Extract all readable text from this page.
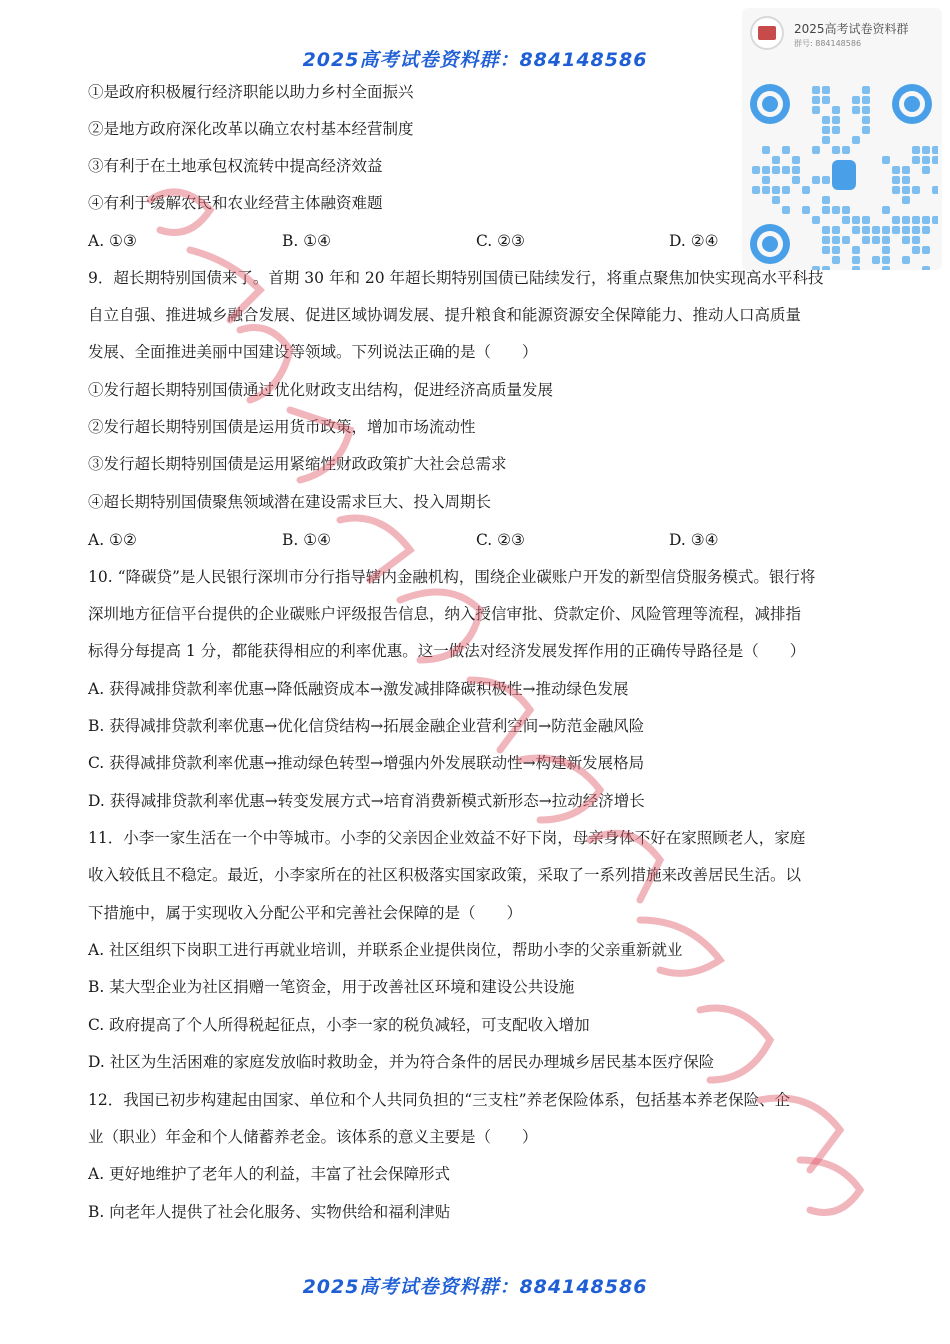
2025高考试卷资料群：884148586
2025高考试卷资料群
群号: 884148586
①是政府积极履行经济职能以助力乡村全面振兴
②是地方政府深化改革以确立农村基本经营制度
③有利于在土地承包权流转中提高经济效益
④有利于缓解农民和农业经营主体融资难题
A. ①③	B. ①④	C. ②③	D. ②④
9．超长期特别国债来了。首期 30 年和 20 年超长期特别国债已陆续发行，将重点聚焦加快实现高水平科技
自立自强、推进城乡融合发展、促进区域协调发展、提升粮食和能源资源安全保障能力、推动人口高质量
发展、全面推进美丽中国建设等领域。下列说法正确的是（　　）
①发行超长期特别国债通过优化财政支出结构，促进经济高质量发展
②发行超长期特别国债是运用货币政策，增加市场流动性
③发行超长期特别国债是运用紧缩性财政政策扩大社会总需求
④超长期特别国债聚焦领域潜在建设需求巨大、投入周期长
A. ①②	B. ①④	C. ②③	D. ③④
10. “降碳贷”是人民银行深圳市分行指导辖内金融机构，围绕企业碳账户开发的新型信贷服务模式。银行将
深圳地方征信平台提供的企业碳账户评级报告信息，纳入授信审批、贷款定价、风险管理等流程，减排指
标得分每提高 1 分，都能获得相应的利率优惠。这一做法对经济发展发挥作用的正确传导路径是（　　）
A. 获得减排贷款利率优惠→降低融资成本→激发减排降碳积极性→推动绿色发展
B. 获得减排贷款利率优惠→优化信贷结构→拓展金融企业营利空间→防范金融风险
C. 获得减排贷款利率优惠→推动绿色转型→增强内外发展联动性→构建新发展格局
D. 获得减排贷款利率优惠→转变发展方式→培育消费新模式新形态→拉动经济增长
11．小李一家生活在一个中等城市。小李的父亲因企业效益不好下岗，母亲身体不好在家照顾老人，家庭
收入较低且不稳定。最近，小李家所在的社区积极落实国家政策，采取了一系列措施来改善居民生活。以
下措施中，属于实现收入分配公平和完善社会保障的是（　　）
A. 社区组织下岗职工进行再就业培训，并联系企业提供岗位，帮助小李的父亲重新就业
B. 某大型企业为社区捐赠一笔资金，用于改善社区环境和建设公共设施
C. 政府提高了个人所得税起征点，小李一家的税负减轻，可支配收入增加
D. 社区为生活困难的家庭发放临时救助金，并为符合条件的居民办理城乡居民基本医疗保险
12．我国已初步构建起由国家、单位和个人共同负担的“三支柱”养老保险体系，包括基本养老保险、企
业（职业）年金和个人储蓄养老金。该体系的意义主要是（　　）
A. 更好地维护了老年人的利益，丰富了社会保障形式
B. 向老年人提供了社会化服务、实物供给和福利津贴
2025高考试卷资料群：884148586
